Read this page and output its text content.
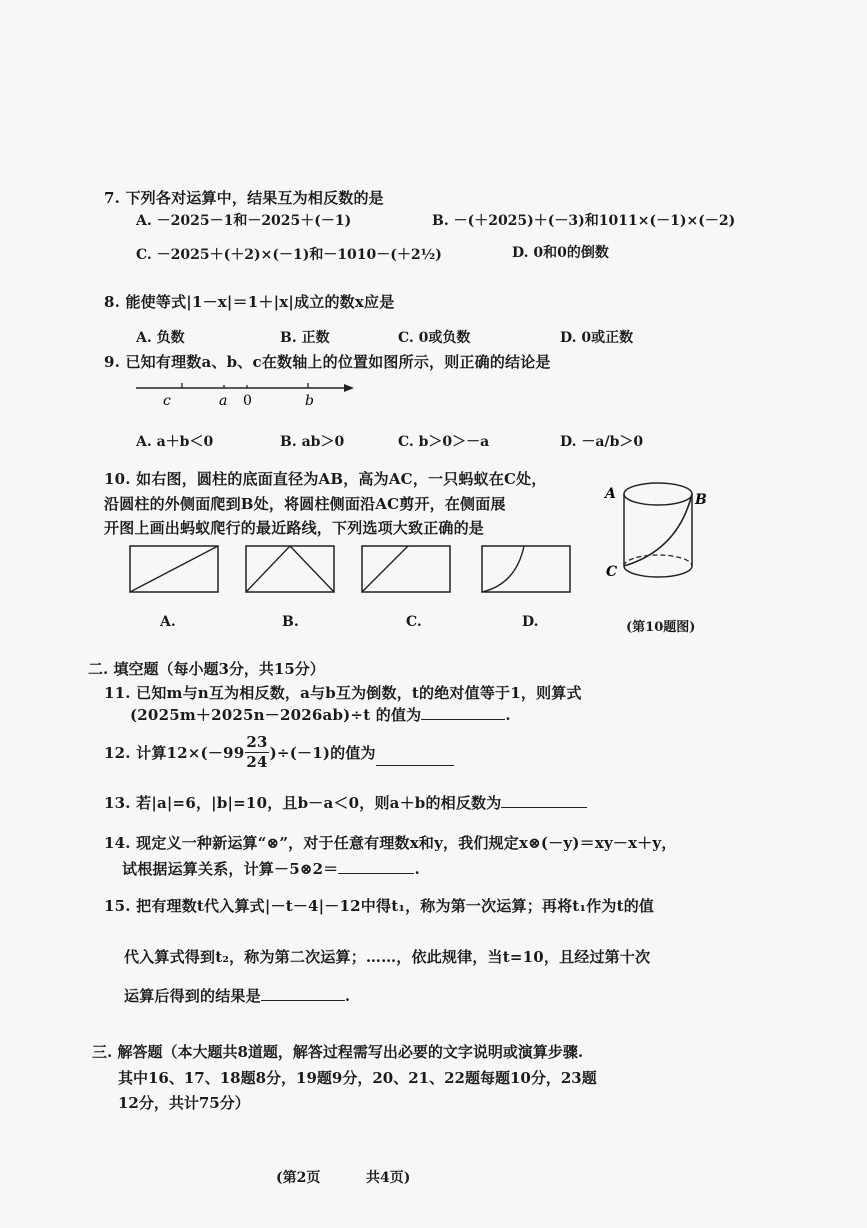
7. 下列各对运算中，结果互为相反数的是
A. －2025－1和－2025＋(－1)	B. －(＋2025)＋(－3)和1011×(－1)×(－2)
C. －2025＋(＋2)×(－1)和－1010－(＋2½)	D. 0和0的倒数
8. 能使等式|1－x|＝1＋|x|成立的数x应是
A. 负数	B. 正数	C. 0或负数	D. 0或正数
9. 已知有理数a、b、c在数轴上的位置如图所示，则正确的结论是
c	a 0	b
A. a＋b＜0	B. ab＞0	C. b＞0＞－a	D. －a/b＞0
10. 如右图，圆柱的底面直径为AB，高为AC，一只蚂蚁在C处，
沿圆柱的外侧面爬到B处，将圆柱侧面沿AC剪开，在侧面展
开图上画出蚂蚁爬行的最近路线，下列选项大致正确的是
A.	B.	C.	D.
A	B
C
(第10题图)
二. 填空题（每小题3分，共15分）
11. 已知m与n互为相反数，a与b互为倒数，t的绝对值等于1，则算式
(2025m＋2025n－2026ab)÷t 的值为	.
12. 计算$12\times(-99 \frac{23}{24} )\div(-1)$的值为
13. 若|a|=6，|b|=10，且b－a＜0，则a＋b的相反数为
14. 现定义一种新运算“⊗”，对于任意有理数x和y，我们规定x⊗(－y)＝xy－x＋y，
试根据运算关系，计算－5⊗2＝	.
15. 把有理数t代入算式|－t－4|－12中得t₁，称为第一次运算；再将t₁作为t的值
代入算式得到t₂，称为第二次运算；……，依此规律，当t=10，且经过第十次
运算后得到的结果是	.
三. 解答题（本大题共8道题，解答过程需写出必要的文字说明或演算步骤.
其中16、17、18题8分，19题9分，20、21、22题每题10分，23题
12分，共计75分）
(第2页	共4页)
